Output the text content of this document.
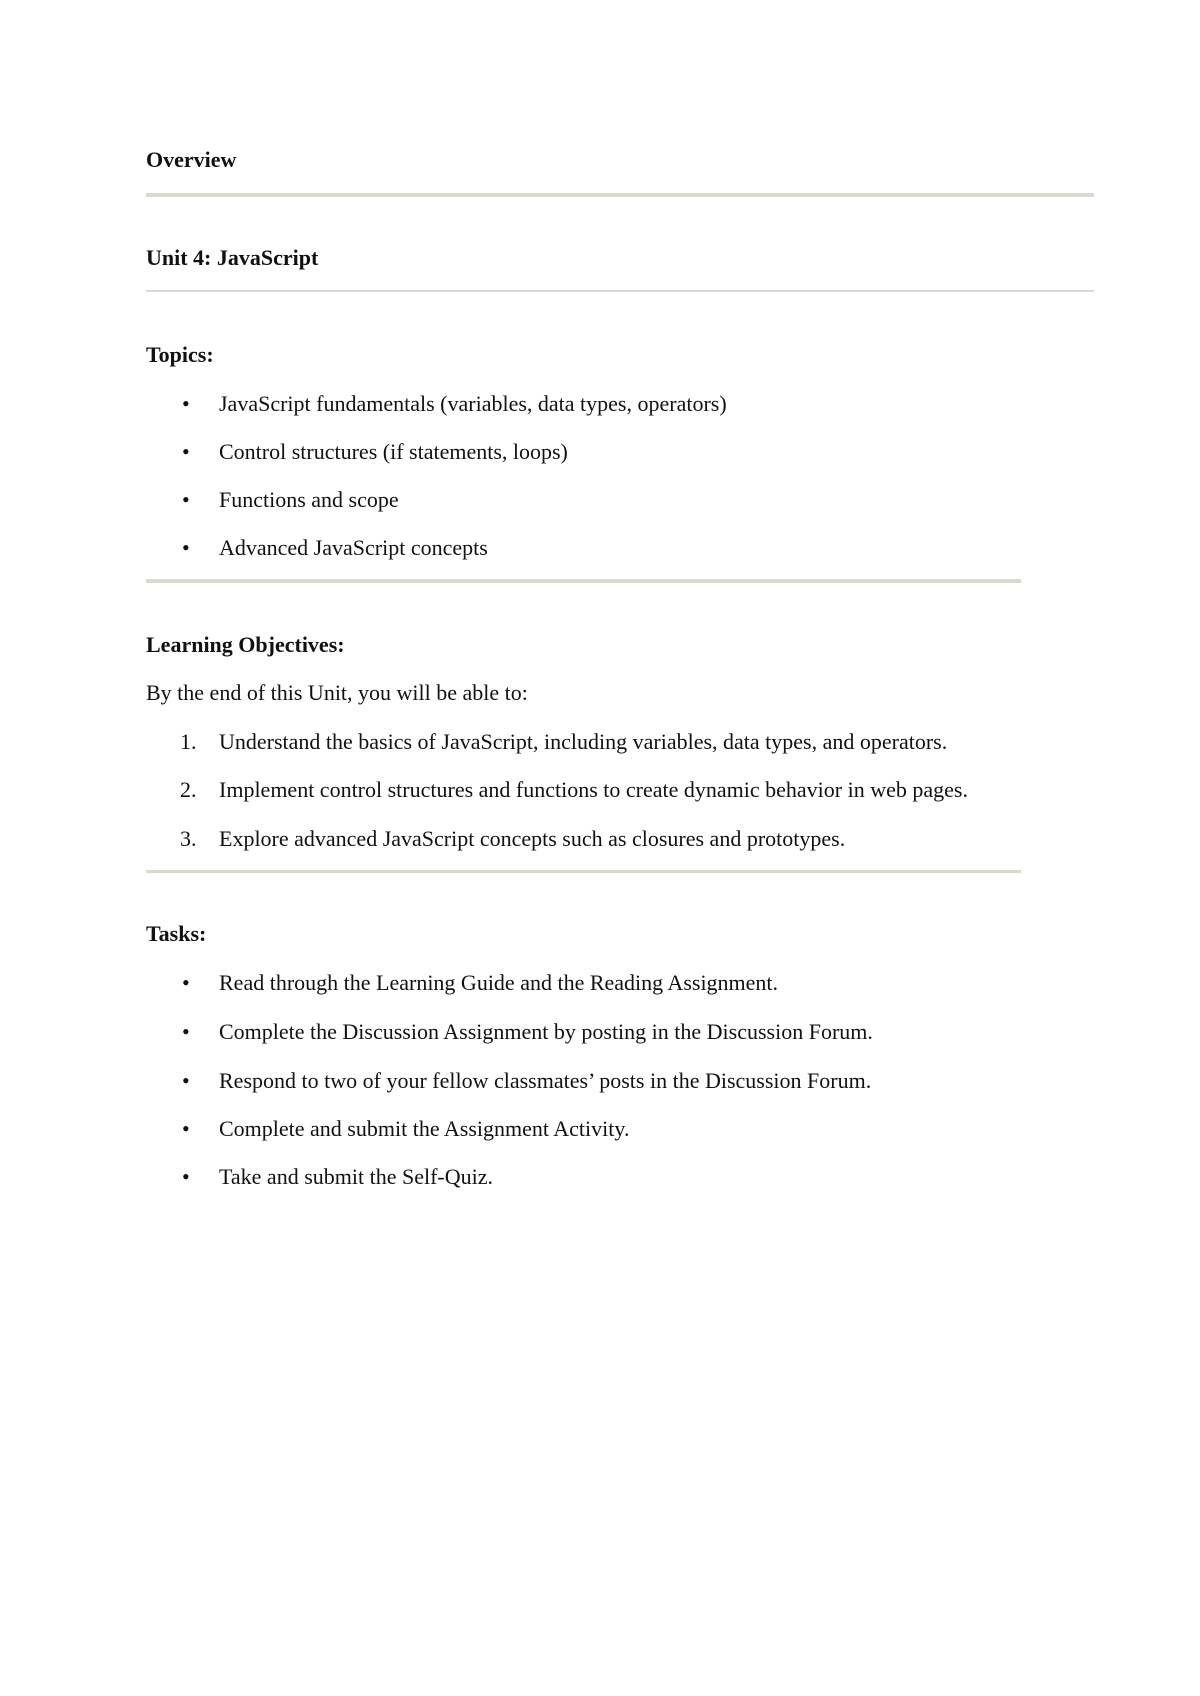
Overview
Unit 4: JavaScript
Topics:
• JavaScript fundamentals (variables, data types, operators)
• Control structures (if statements, loops)
• Functions and scope
• Advanced JavaScript concepts
Learning Objectives:

By the end of this Unit, you will be able to:

1. Understand the basics of JavaScript, including variables, data types, and operators.
2. Implement control structures and functions to create dynamic behavior in web pages.
3. Explore advanced JavaScript concepts such as closures and prototypes.
Tasks:
• Read through the Learning Guide and the Reading Assignment.
• Complete the Discussion Assignment by posting in the Discussion Forum.
• Respond to two of your fellow classmates’ posts in the Discussion Forum.
• Complete and submit the Assignment Activity.
• Take and submit the Self-Quiz.
